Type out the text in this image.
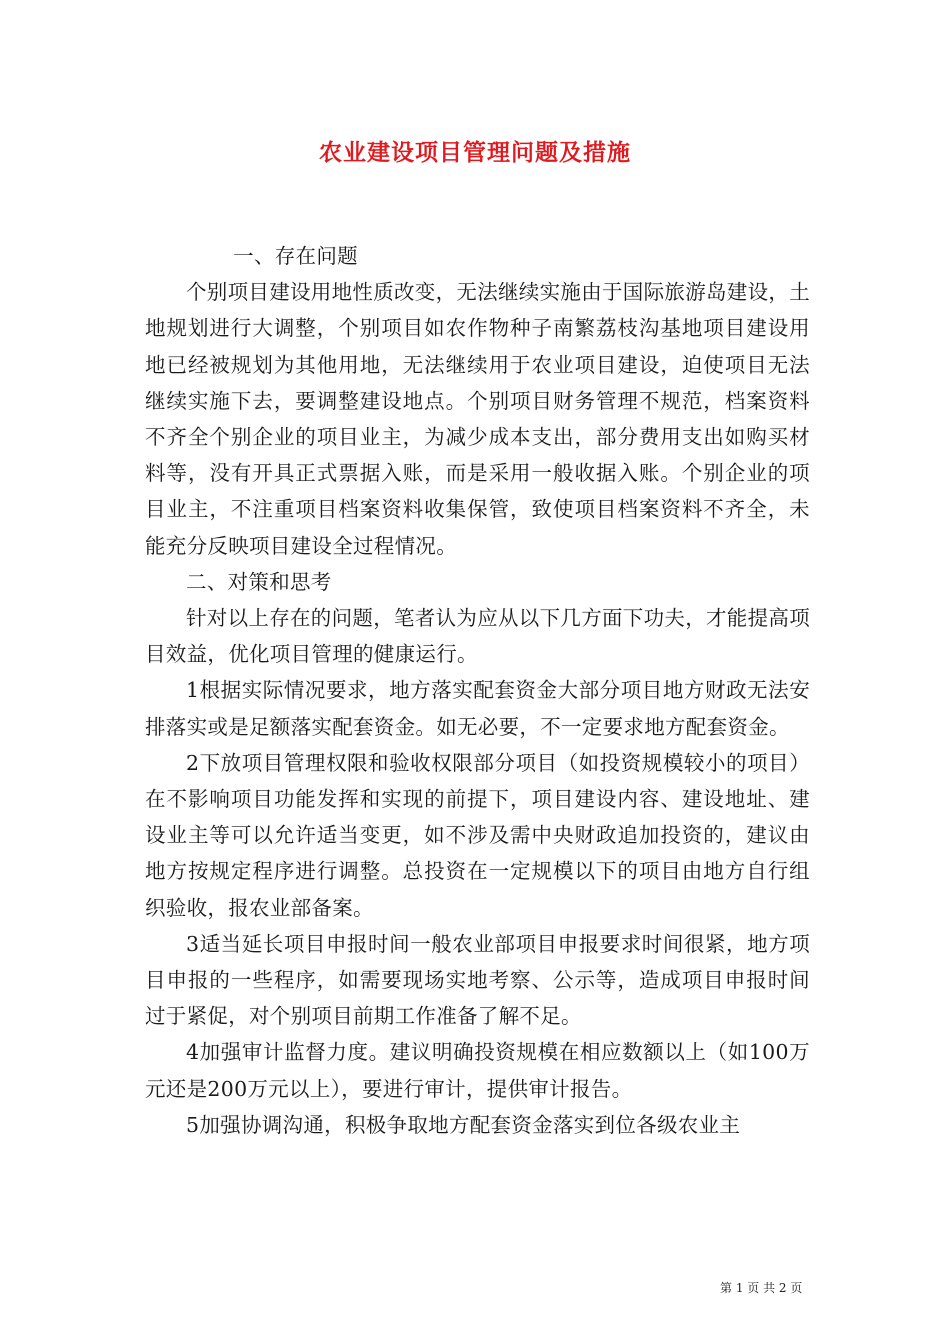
农业建设项目管理问题及措施

一、存在问题

个别项目建设用地性质改变，无法继续实施由于国际旅游岛建设，土地规划进行大调整，个别项目如农作物种子南繁荔枝沟基地项目建设用地已经被规划为其他用地，无法继续用于农业项目建设，迫使项目无法继续实施下去，要调整建设地点。个别项目财务管理不规范，档案资料不齐全个别企业的项目业主，为减少成本支出，部分费用支出如购买材料等，没有开具正式票据入账，而是采用一般收据入账。个别企业的项目业主，不注重项目档案资料收集保管，致使项目档案资料不齐全，未能充分反映项目建设全过程情况。

二、对策和思考

针对以上存在的问题，笔者认为应从以下几方面下功夫，才能提高项目效益，优化项目管理的健康运行。

1根据实际情况要求，地方落实配套资金大部分项目地方财政无法安排落实或是足额落实配套资金。如无必要，不一定要求地方配套资金。

2下放项目管理权限和验收权限部分项目（如投资规模较小的项目）在不影响项目功能发挥和实现的前提下，项目建设内容、建设地址、建设业主等可以允许适当变更，如不涉及需中央财政追加投资的，建议由地方按规定程序进行调整。总投资在一定规模以下的项目由地方自行组织验收，报农业部备案。

3适当延长项目申报时间一般农业部项目申报要求时间很紧，地方项目申报的一些程序，如需要现场实地考察、公示等，造成项目申报时间过于紧促，对个别项目前期工作准备了解不足。

4加强审计监督力度。建议明确投资规模在相应数额以上（如100万元还是200万元以上），要进行审计，提供审计报告。

5加强协调沟通，积极争取地方配套资金落实到位各级农业主

第 1 页 共 2 页
